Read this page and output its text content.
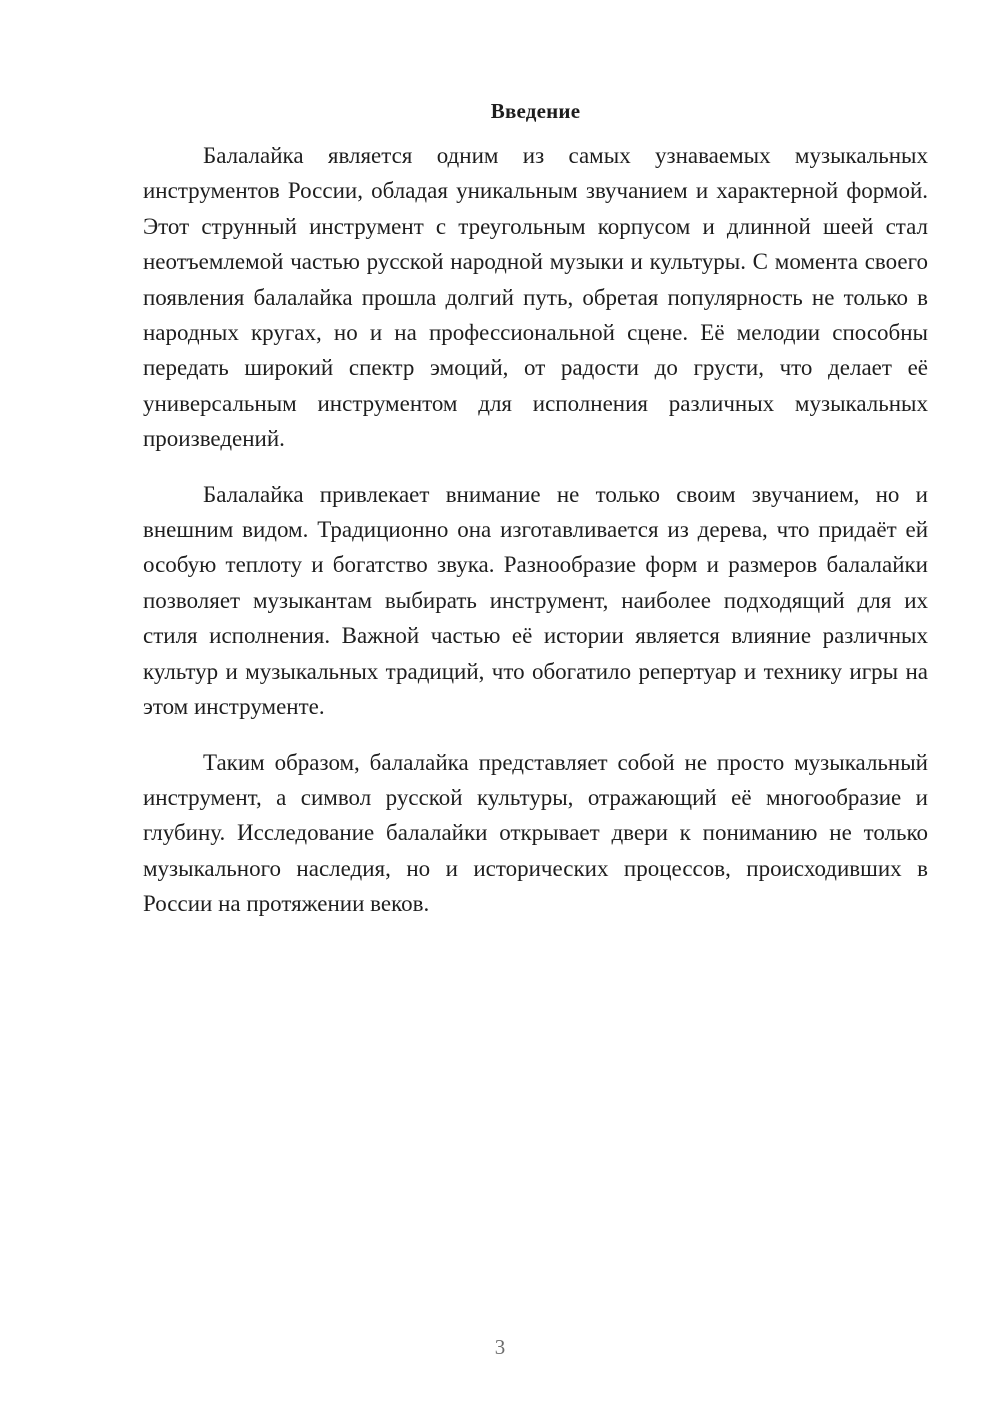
Введение

Балалайка является одним из самых узнаваемых музыкальных инструментов России, обладая уникальным звучанием и характерной формой. Этот струнный инструмент с треугольным корпусом и длинной шеей стал неотъемлемой частью русской народной музыки и культуры. С момента своего появления балалайка прошла долгий путь, обретая популярность не только в народных кругах, но и на профессиональной сцене. Её мелодии способны передать широкий спектр эмоций, от радости до грусти, что делает её универсальным инструментом для исполнения различных музыкальных произведений.

Балалайка привлекает внимание не только своим звучанием, но и внешним видом. Традиционно она изготавливается из дерева, что придаёт ей особую теплоту и богатство звука. Разнообразие форм и размеров балалайки позволяет музыкантам выбирать инструмент, наиболее подходящий для их стиля исполнения. Важной частью её истории является влияние различных культур и музыкальных традиций, что обогатило репертуар и технику игры на этом инструменте.

Таким образом, балалайка представляет собой не просто музыкальный инструмент, а символ русской культуры, отражающий её многообразие и глубину. Исследование балалайки открывает двери к пониманию не только музыкального наследия, но и исторических процессов, происходивших в России на протяжении веков.

3
